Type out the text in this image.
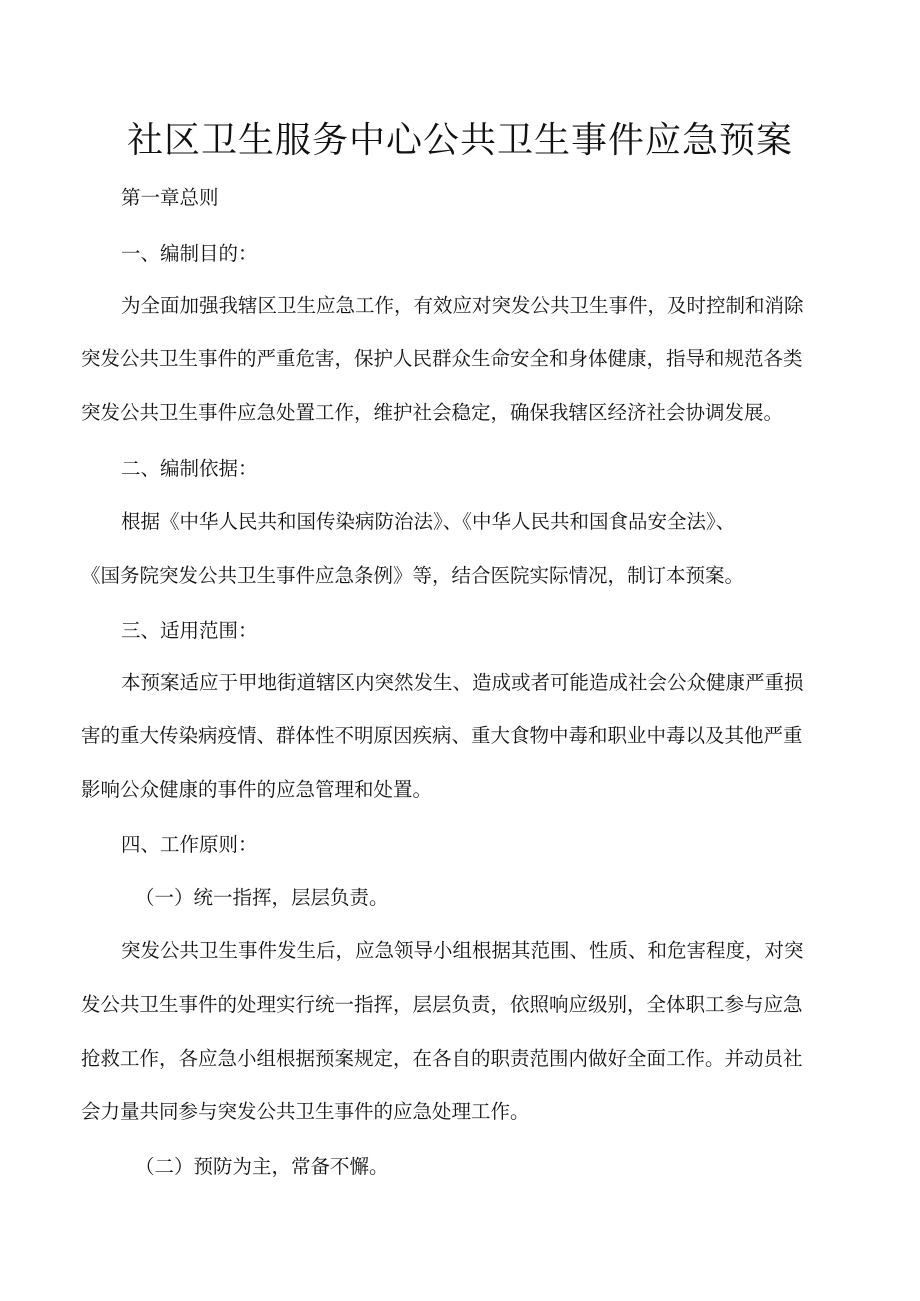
社区卫生服务中心公共卫生事件应急预案

第一章总则

一、编制目的：

为全面加强我辖区卫生应急工作，有效应对突发公共卫生事件，及时控制和消除

突发公共卫生事件的严重危害，保护人民群众生命安全和身体健康，指导和规范各类

突发公共卫生事件应急处置工作，维护社会稳定，确保我辖区经济社会协调发展。

二、编制依据：

根据《中华人民共和国传染病防治法》、《中华人民共和国食品安全法》、

《国务院突发公共卫生事件应急条例》等，结合医院实际情况，制订本预案。

三、适用范围：

本预案适应于甲地街道辖区内突然发生、造成或者可能造成社会公众健康严重损

害的重大传染病疫情、群体性不明原因疾病、重大食物中毒和职业中毒以及其他严重

影响公众健康的事件的应急管理和处置。

四、工作原则：

（一）统一指挥，层层负责。

突发公共卫生事件发生后，应急领导小组根据其范围、性质、和危害程度，对突

发公共卫生事件的处理实行统一指挥，层层负责，依照响应级别，全体职工参与应急

抢救工作，各应急小组根据预案规定，在各自的职责范围内做好全面工作。并动员社

会力量共同参与突发公共卫生事件的应急处理工作。

（二）预防为主，常备不懈。
